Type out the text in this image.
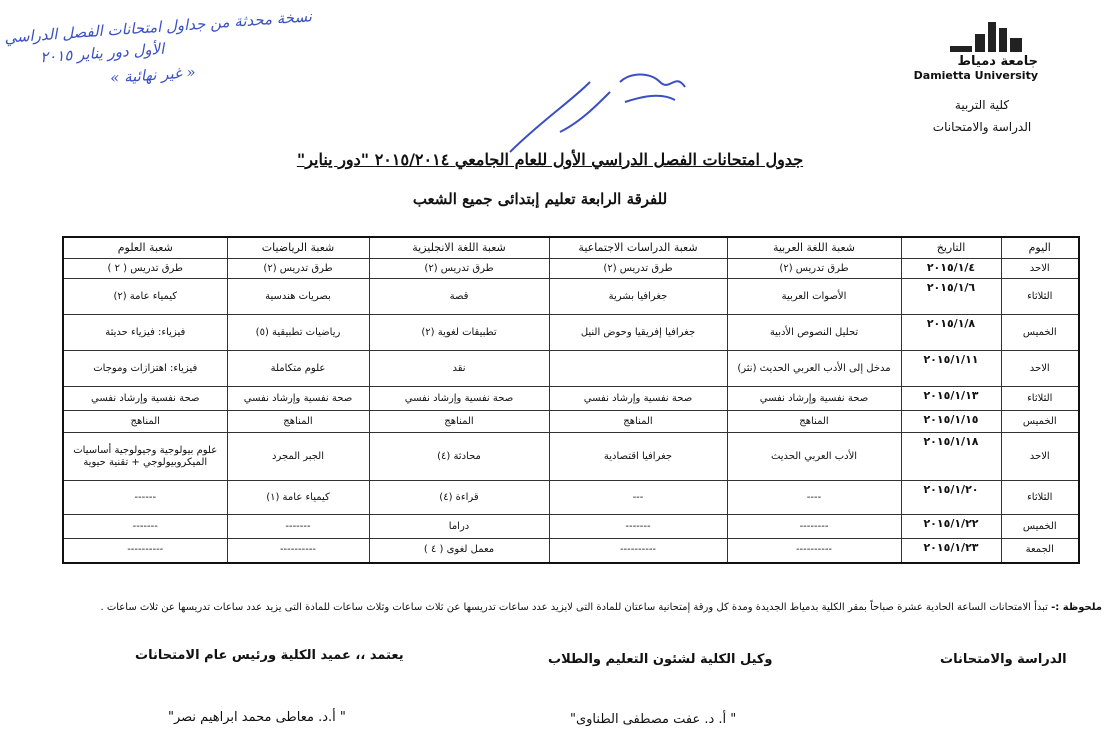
نسخة محدثة من جداول امتحانات الفصل الدراسي
الأول دور يناير ٢٠١٥
« غير نهائية »
جامعة دمياط
Damietta University
كلية التربية
الدراسة والامتحانات
جدول امتحانات الفصل الدراسي الأول للعام الجامعي ٢٠١٥/٢٠١٤ "دور يناير"
للفرقة الرابعة تعليم إبتدائى جميع الشعب
اليوم	التاريخ	شعبة اللغة العربية	شعبة الدراسات الاجتماعية	شعبة اللغة الانجليزية	شعبة الرياضيات	شعبة العلوم
الاحد	٢٠١٥/١/٤	طرق تدريس (٢)	طرق تدريس (٢)	طرق تدريس (٢)	طرق تدريس (٢)	طرق تدريس ( ٢ )
الثلاثاء	٢٠١٥/١/٦	الأصوات العربية	جغرافيا بشرية	قصة	بصريات هندسية	كيمياء عامة (٢)
الخميس	٢٠١٥/١/٨	تحليل النصوص الأدبية	جغرافيا إفريقيا وحوض النيل	تطبيقات لغوية (٢)	رياضيات تطبيقية (٥)	فيزياء: فيزياء حديثة
الاحد	٢٠١٥/١/١١	مدخل إلى الأدب العربي الحديث (نثر)		نقد	علوم متكاملة	فيزياء: اهتزازات وموجات
الثلاثاء	٢٠١٥/١/١٣	صحة نفسية وإرشاد نفسي	صحة نفسية وإرشاد نفسي	صحة نفسية وإرشاد نفسي	صحة نفسية وإرشاد نفسي	صحة نفسية وإرشاد نفسي
الخميس	٢٠١٥/١/١٥	المناهج	المناهج	المناهج	المناهج	المناهج
الاحد	٢٠١٥/١/١٨	الأدب العربي الحديث	جغرافيا اقتصادية	محادثة (٤)	الجبر المجرد	علوم بيولوجية وجيولوجية أساسيات الميكروبيولوجي + تقنية حيوية
الثلاثاء	٢٠١٥/١/٢٠	----	---	قراءة (٤)	كيمياء عامة (١)	------
الخميس	٢٠١٥/١/٢٢	--------	-------	دراما	-------	-------
الجمعة	٢٠١٥/١/٢٣	----------	----------	معمل لغوى ( ٤ )	----------	----------
ملحوظة :- تبدأ الامتحانات الساعة الحادية عشرة صباحاً بمقر الكلية بدمياط الجديدة ومدة كل ورقة إمتحانية ساعتان للمادة التى لايزيد عدد ساعات تدريسها عن ثلاث ساعات وثلاث ساعات للمادة التى يزيد عدد ساعات تدريسها عن ثلاث ساعات .
الدراسة والامتحانات
وكيل الكلية لشئون التعليم والطلاب
يعتمد ،، عميد الكلية ورئيس عام الامتحانات
" أ. د. عفت مصطفى الطناوى"
" أ.د. معاطى محمد ابراهيم نصر"
